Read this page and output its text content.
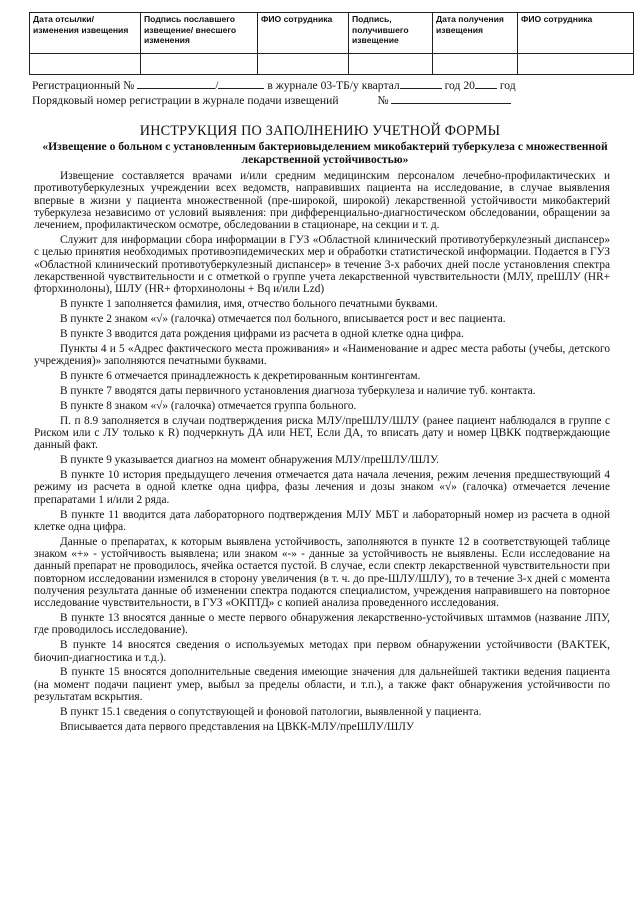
Дата отсылки/ изменения извещения	Подпись пославшего извещение/ внесшего изменения	ФИО сотрудника	Подпись, получившего извещение	Дата получения извещения	ФИО сотрудника

Регистрационный №	/	в журнале 03-ТБ/у квартал	год 20 год
Порядковый номер регистрации в журнале подачи извещений	№
ИНСТРУКЦИЯ ПО ЗАПОЛНЕНИЮ УЧЕТНОЙ ФОРМЫ
«Извещение о больном с установленным бактериовыделением микобактерий туберкулеза с множественной лекарственной устойчивостью»

Извещение составляется врачами и/или средним медицинским персоналом лечебно-профилактических и противотуберкулезных учреждении всех ведомств, направивших пациента на исследование, в случае выявления впервые в жизни у пациента множественной (пре-широкой, широкой) лекарственной устойчивости микобактерий туберкулеза независимо от условий выявления: при дифференциально-диагностическом обследовании, обращении за лечением, профилактическом осмотре, обследовании в стационаре, на секции и т. д.

Служит для информации сбора информации в ГУЗ «Областной клинический противотуберкулезный диспансер» с целью принятия необходимых противоэпидемических мер и обработки статистической информации. Подается в ГУЗ «Областной клинический противотуберкулезный диспансер» в течение 3-х рабочих дней после установления спектра лекарственной чувствительности и с отметкой о группе учета лекарственной чувствительности (МЛУ, пре​ШЛУ (HR+ фторхинолоны), ШЛУ (HR+ фторхинолоны + Bq и/или Lzd)

В пункте 1 заполняется фамилия, имя, отчество больного печатными буквами.

В пункте 2 знаком «√» (галочка) отмечается пол больного, вписывается рост и вес пациента.

В пункте 3 вводится дата рождения цифрами из расчета в одной клетке одна цифра.

Пункты 4 и 5 «Адрес фактического места проживания» и «Наименование и адрес места работы (учебы, детского учреждения)» заполняются печатными буквами.

В пункте 6 отмечается принадлежность к декретированным контингентам.

В пункте 7 вводятся даты первичного установления диагноза туберкулеза и наличие туб. контакта.

В пункте 8 знаком «√» (галочка) отмечается группа больного.

П. п 8.9 заполняется в случаи подтверждения риска МЛУ/преШЛУ/ШЛУ (ранее пациент наблюдался в группе с Риском или с ЛУ только к R) подчеркнуть ДА или НЕТ, Если ДА, то вписать дату и номер ЦВКК подтверждающие данный факт.

В пункте 9 указывается диагноз на момент обнаружения МЛУ/преШЛУ/ШЛУ.

В пункте 10 история предыдущего лечения отмечается дата начала лечения, режим лечения предшествующий 4 режиму из расчета в одной клетке одна цифра, фазы лечения и дозы знаком «√» (галочка) отмечается лечение препаратами 1 и/или 2 ряда.

В пункте 11 вводится дата лабораторного подтверждения МЛУ МБТ и лабораторный номер из расчета в одной клетке одна цифра.

Данные о препаратах, к которым выявлена устойчивость, заполняются в пункте 12 в соответствующей таблице знаком «+» - устойчивость выявлена; или знаком «-» - данные за устойчивость не выявлены. Если исследование на данный препарат не проводилось, ячейка остается пустой. В случае, если спектр лекарственной чувствительности при повторном исследовании изменился в сторону увеличения (в т. ч. до пре-ШЛУ/ШЛУ), то в течение 3-х дней с момента получения результата данные об изменении спектра подаются специалистом, учреждения направившего на повторное исследование чувствительности, в ГУЗ «ОКПТД» с копией анализа проведенного исследования.

В пункте 13 вносятся данные о месте первого обнаружения лекарственно-устойчивых штаммов (название ЛПУ, где проводилось исследование).

В пункте 14 вносятся сведения о используемых методах при первом обнаружении устойчивости (BAKTEK, биочип-диагностика и т.д.).

В пункте 15 вносятся дополнительные сведения имеющие значения для дальнейшей тактики ведения пациента (на момент подачи пациент умер, выбыл за пределы области, и т.п.), а также факт обнаружения устойчивости по результатам вскрытия.

В пункт 15.1 сведения о сопутствующей и фоновой патологии, выявленной у пациента.

Вписывается дата первого представления на ЦВКК-МЛУ/преШЛУ/ШЛУ
